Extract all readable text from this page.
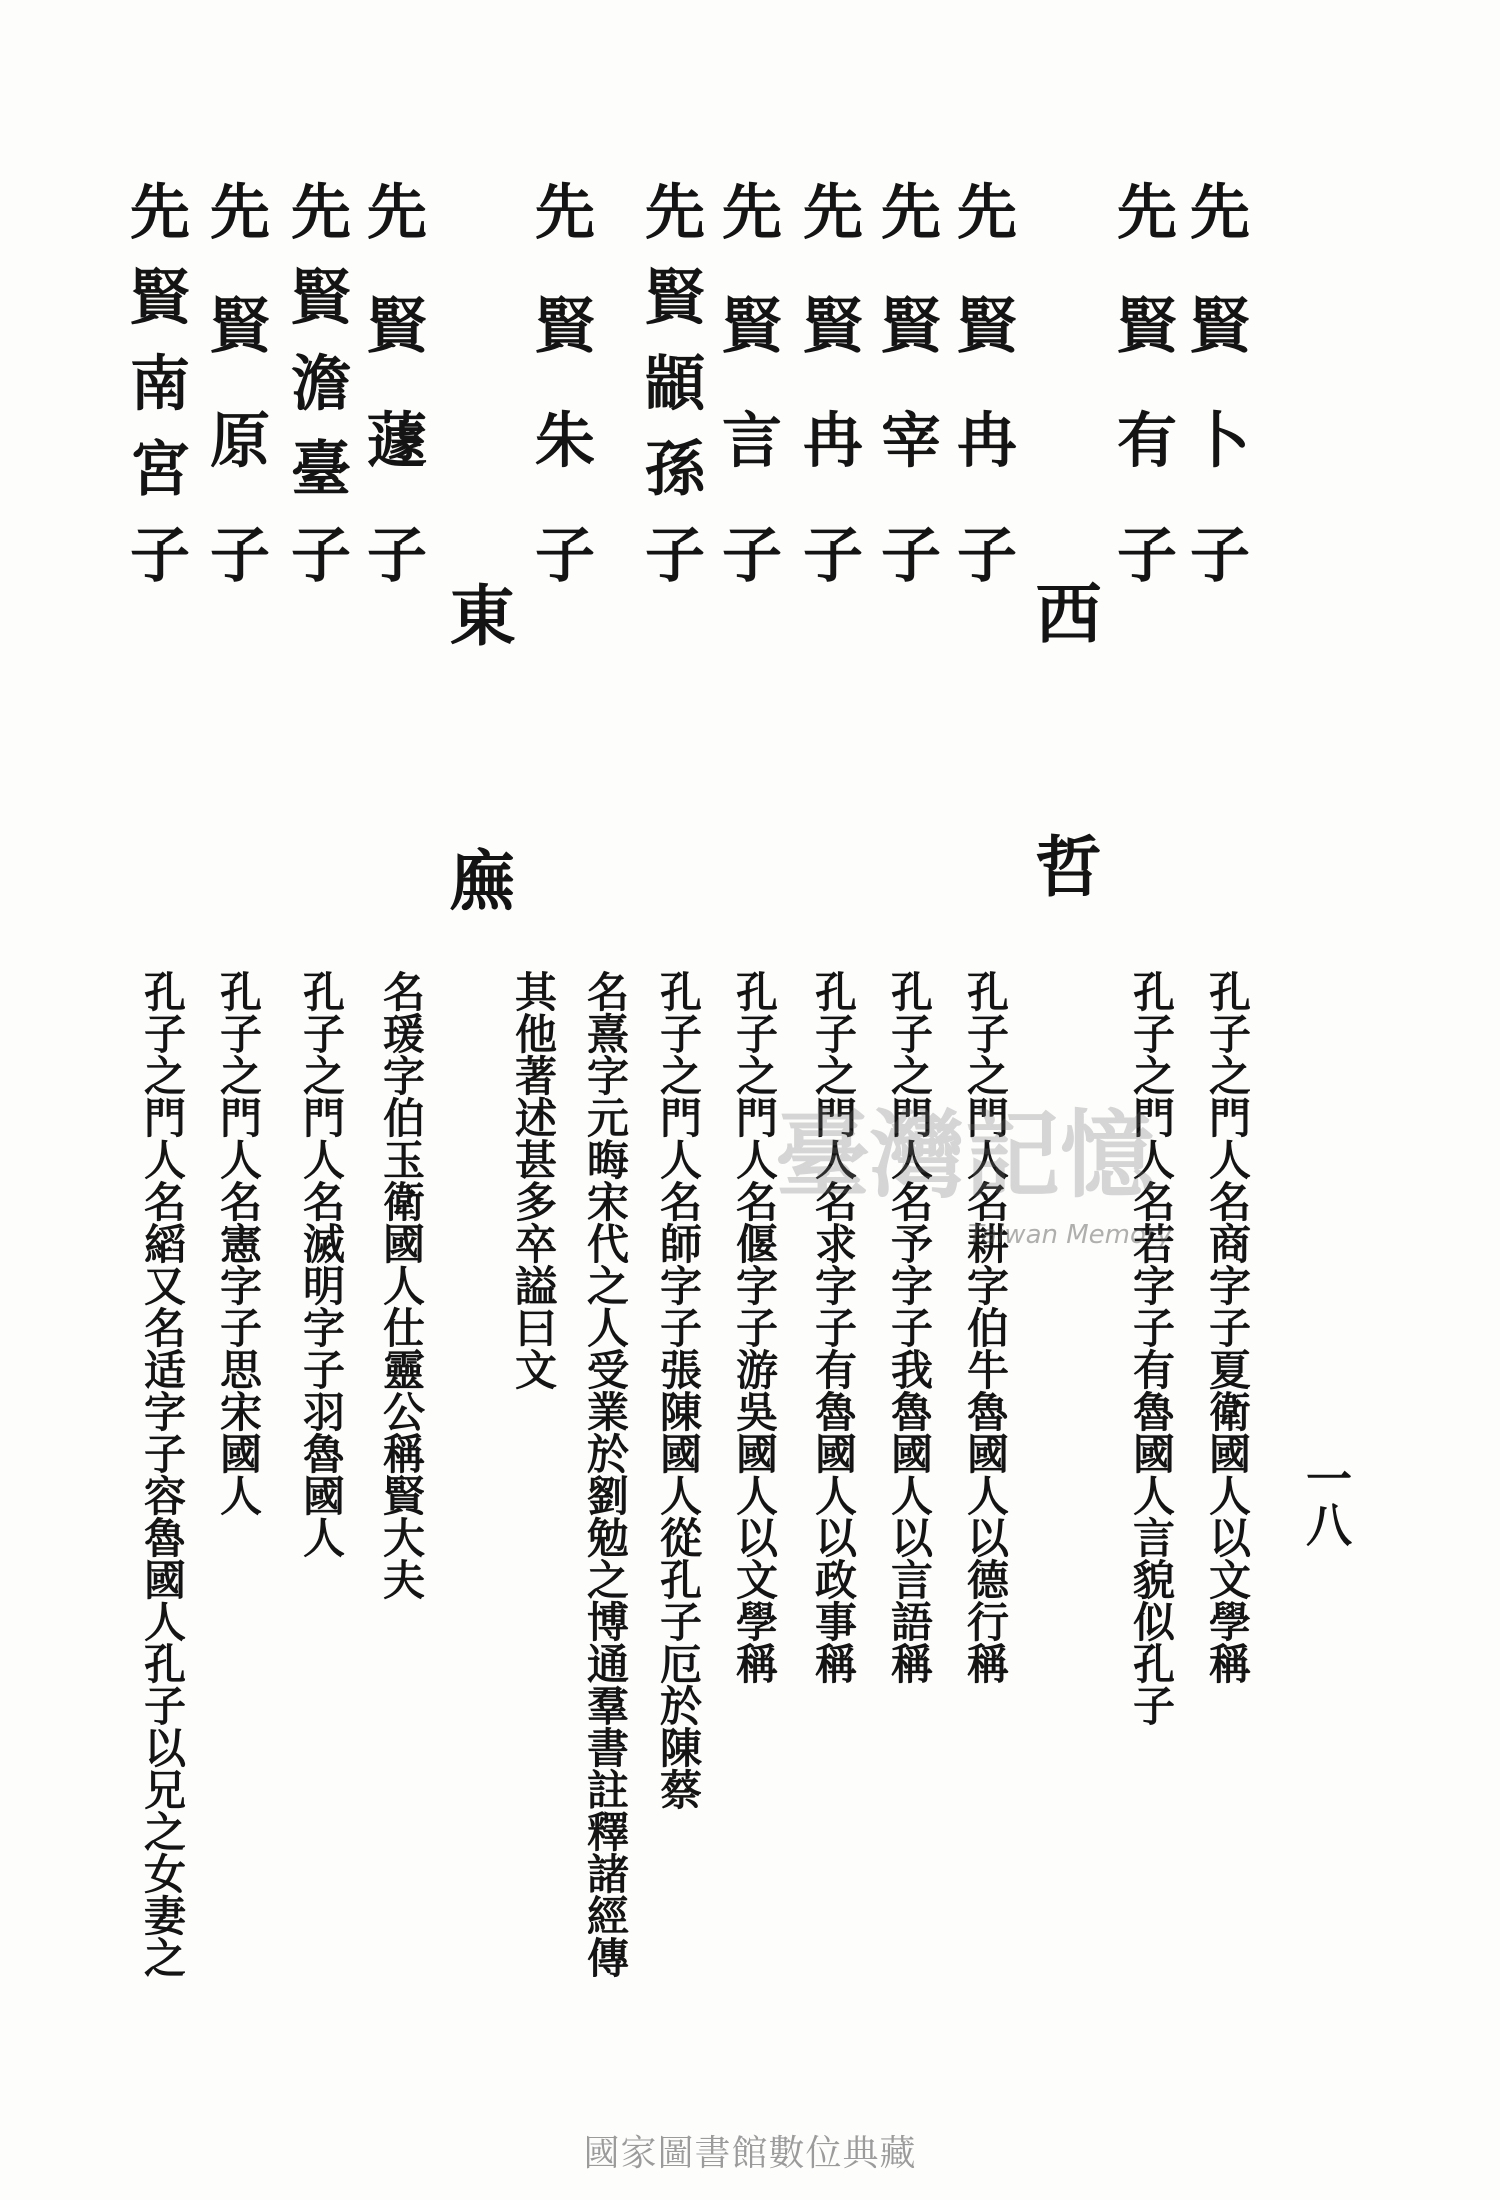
一八
先賢卜子
孔子之門人名商字子夏衛國人以文學稱
先賢有子
孔子之門人名若字子有魯國人言貌似孔子
西哲
先賢冉子
孔子之門人名耕字伯牛魯國人以德行稱
先賢宰子
孔子之門人名予字子我魯國人以言語稱
先賢冉子
孔子之門人名求字子有魯國人以政事稱
先賢言子
孔子之門人名偃字子游吳國人以文學稱
先賢顓孫子
孔子之門人名師字子張陳國人從孔子厄於陳蔡
先賢朱子
名熹字元晦宋代之人受業於劉勉之博通羣書註釋諸經傳
其他著述甚多卒謚曰文
東廡
先賢蘧子
名瑗字伯玉衛國人仕靈公稱賢大夫
先賢澹臺子
孔子之門人名滅明字子羽魯國人
先賢原子
孔子之門人名憲字子思宋國人
先賢南宮子
孔子之門人名縚又名适字子容魯國人孔子以兄之女妻之	臺灣記憶
Taiwan Memory
國家圖書館數位典藏
